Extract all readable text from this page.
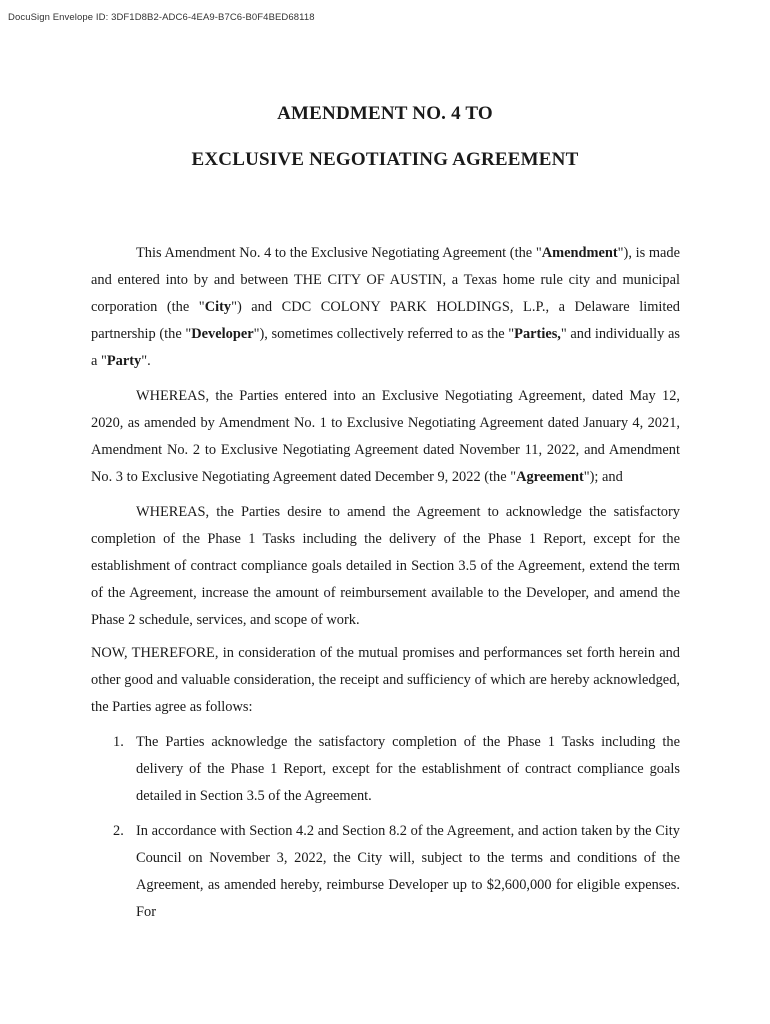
DocuSign Envelope ID: 3DF1D8B2-ADC6-4EA9-B7C6-B0F4BED68118
AMENDMENT NO. 4 TO
EXCLUSIVE NEGOTIATING AGREEMENT

This Amendment No. 4 to the Exclusive Negotiating Agreement (the "Amendment"), is made and entered into by and between THE CITY OF AUSTIN, a Texas home rule city and municipal corporation (the "City") and CDC COLONY PARK HOLDINGS, L.P., a Delaware limited partnership (the "Developer"), sometimes collectively referred to as the "Parties," and individually as a "Party".

WHEREAS, the Parties entered into an Exclusive Negotiating Agreement, dated May 12, 2020, as amended by Amendment No. 1 to Exclusive Negotiating Agreement dated January 4, 2021, Amendment No. 2 to Exclusive Negotiating Agreement dated November 11, 2022, and Amendment No. 3 to Exclusive Negotiating Agreement dated December 9, 2022 (the "Agreement"); and

WHEREAS, the Parties desire to amend the Agreement to acknowledge the satisfactory completion of the Phase 1 Tasks including the delivery of the Phase 1 Report, except for the establishment of contract compliance goals detailed in Section 3.5 of the Agreement, extend the term of the Agreement, increase the amount of reimbursement available to the Developer, and amend the Phase 2 schedule, services, and scope of work.

NOW, THEREFORE, in consideration of the mutual promises and performances set forth herein and other good and valuable consideration, the receipt and sufficiency of which are hereby acknowledged, the Parties agree as follows:

1. The Parties acknowledge the satisfactory completion of the Phase 1 Tasks including the delivery of the Phase 1 Report, except for the establishment of contract compliance goals detailed in Section 3.5 of the Agreement.
2. In accordance with Section 4.2 and Section 8.2 of the Agreement, and action taken by the City Council on November 3, 2022, the City will, subject to the terms and conditions of the Agreement, as amended hereby, reimburse Developer up to $2,600,000 for eligible expenses. For
